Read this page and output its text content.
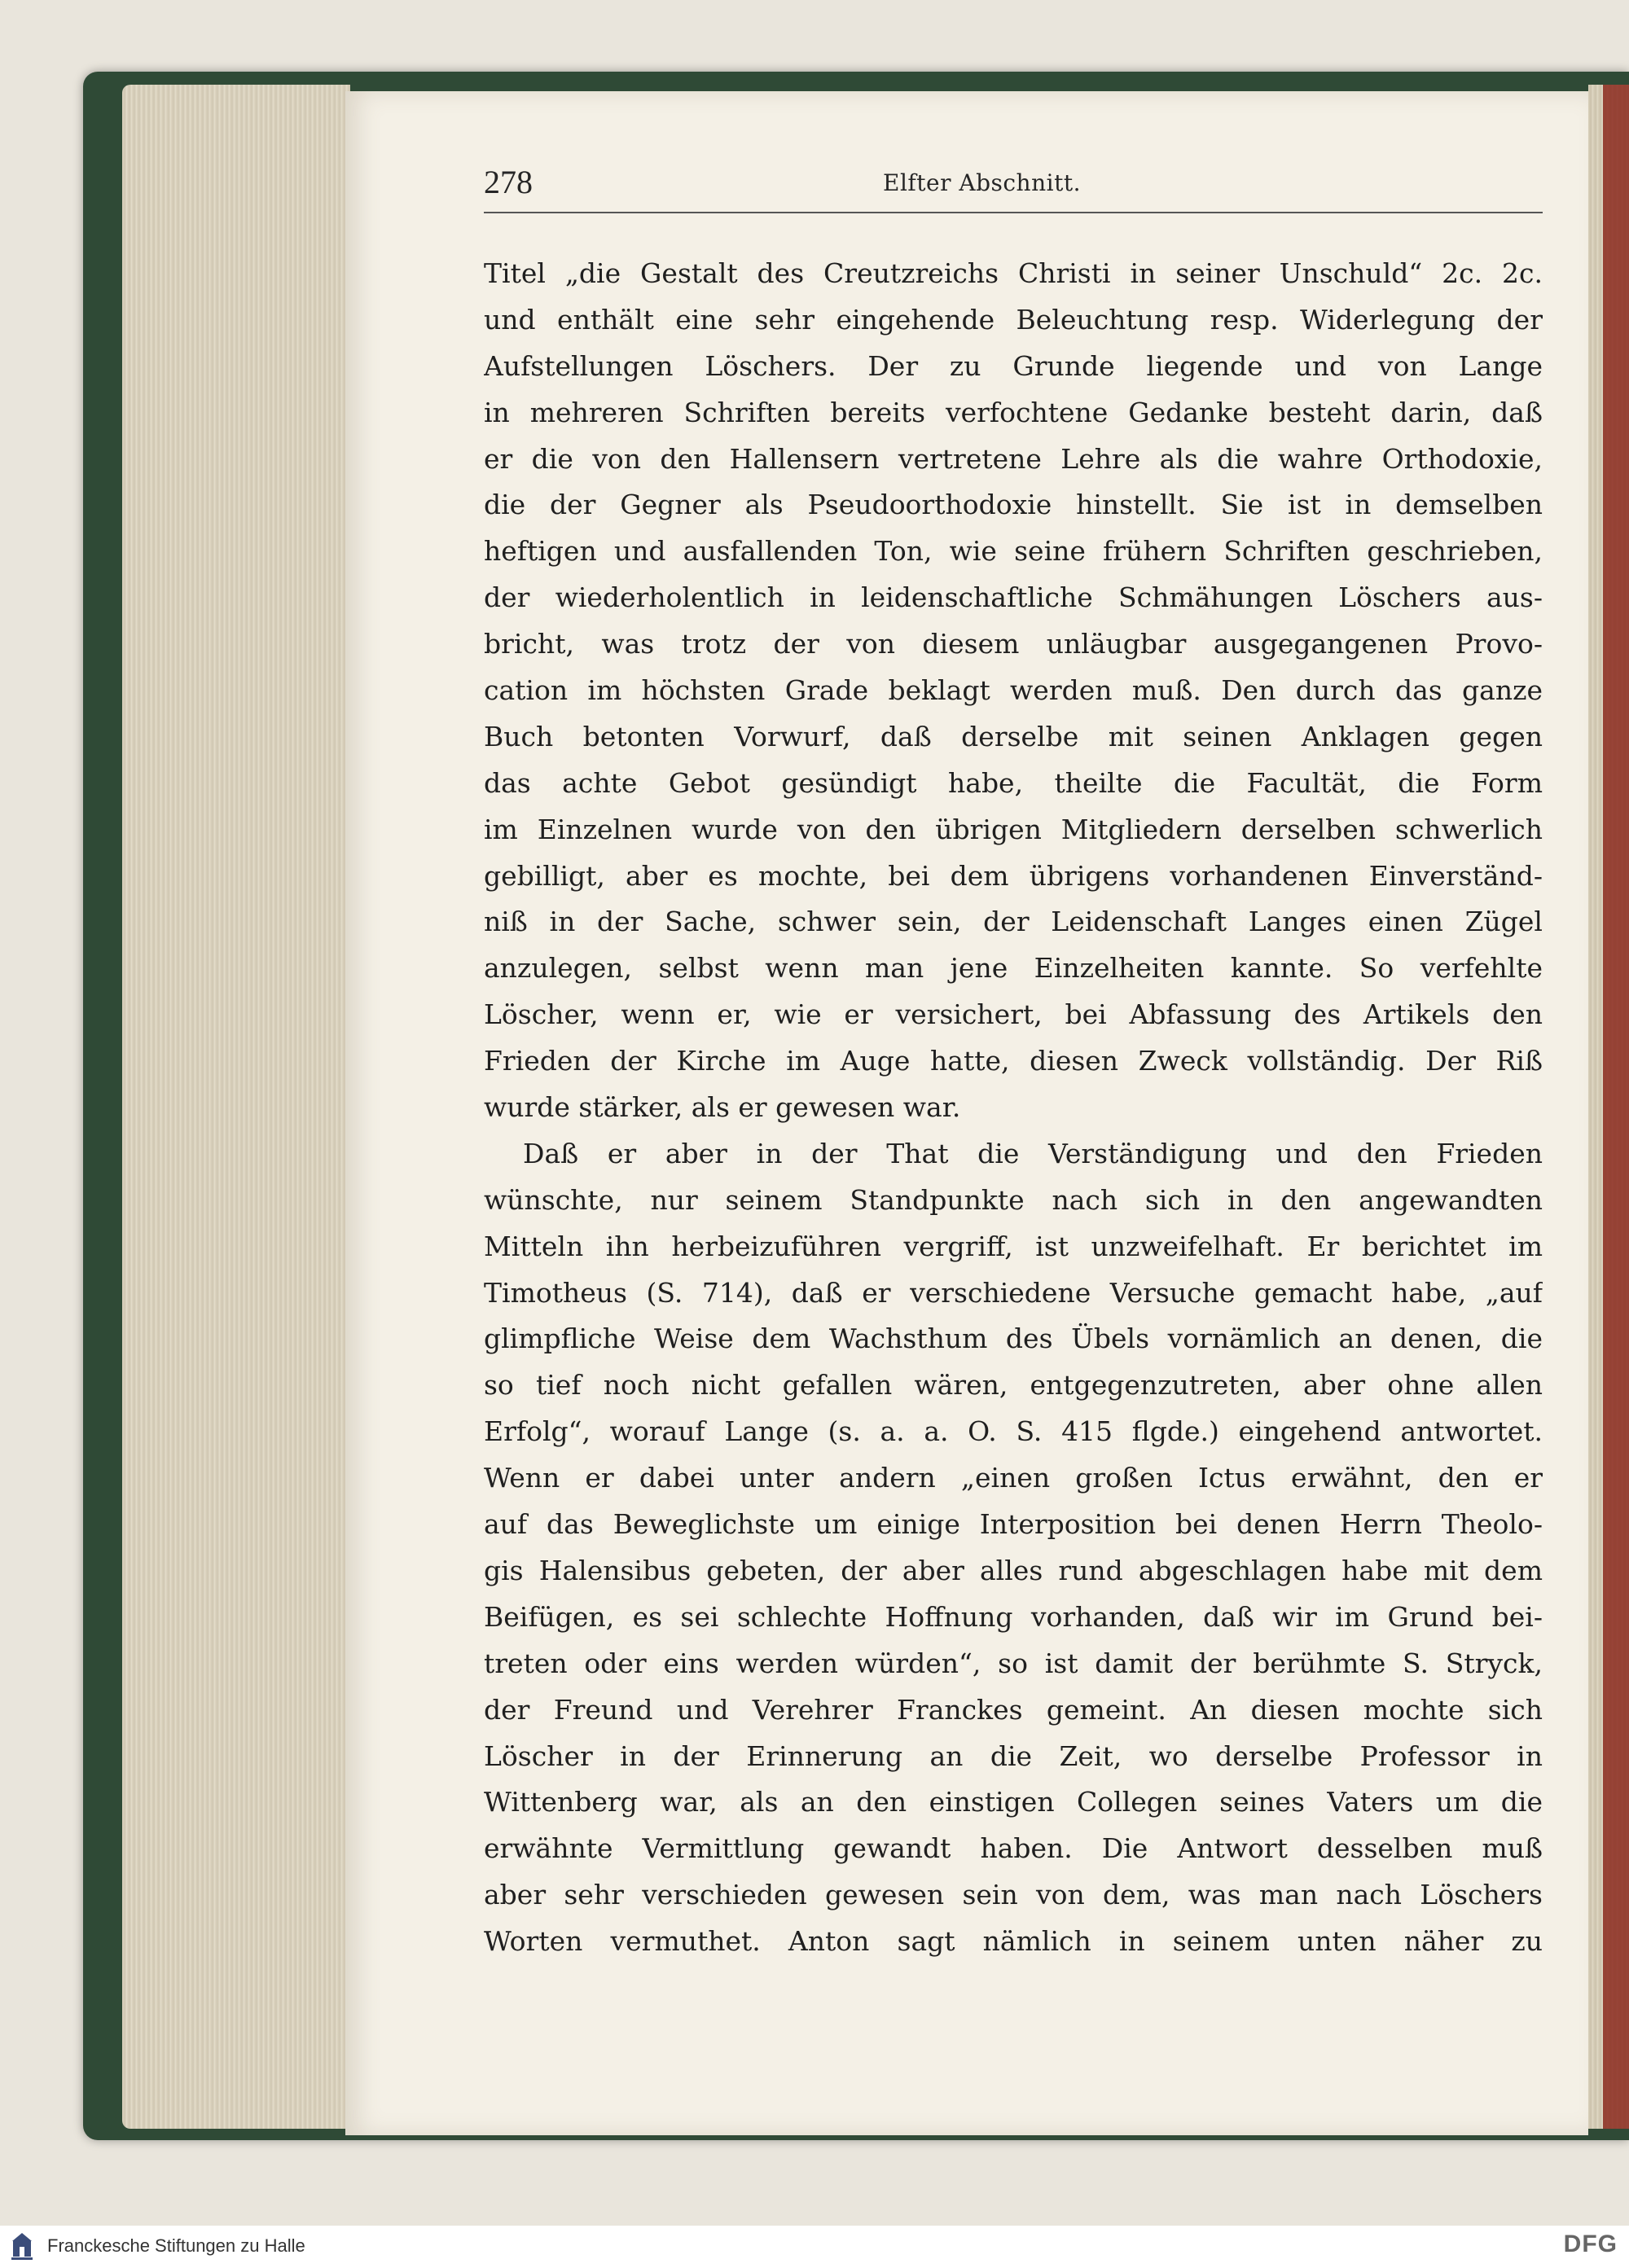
278	Elfter Abschnitt.
Titel „die Gestalt des Creutzreichs Christi in seiner Unschuld“ 2c. 2c.
und enthält eine sehr eingehende Beleuchtung resp. Widerlegung der
Aufstellungen Löschers. Der zu Grunde liegende und von Lange
in mehreren Schriften bereits verfochtene Gedanke besteht darin, daß
er die von den Hallensern vertretene Lehre als die wahre Orthodoxie,
die der Gegner als Pseudoorthodoxie hinstellt. Sie ist in demselben
heftigen und ausfallenden Ton, wie seine frühern Schriften geschrieben,
der wiederholentlich in leidenschaftliche Schmähungen Löschers aus-
bricht, was trotz der von diesem unläugbar ausgegangenen Provo-
cation im höchsten Grade beklagt werden muß. Den durch das ganze
Buch betonten Vorwurf, daß derselbe mit seinen Anklagen gegen
das achte Gebot gesündigt habe, theilte die Facultät, die Form
im Einzelnen wurde von den übrigen Mitgliedern derselben schwerlich
gebilligt, aber es mochte, bei dem übrigens vorhandenen Einverständ-
niß in der Sache, schwer sein, der Leidenschaft Langes einen Zügel
anzulegen, selbst wenn man jene Einzelheiten kannte. So verfehlte
Löscher, wenn er, wie er versichert, bei Abfassung des Artikels den
Frieden der Kirche im Auge hatte, diesen Zweck vollständig. Der Riß
wurde stärker, als er gewesen war.
Daß er aber in der That die Verständigung und den Frieden
wünschte, nur seinem Standpunkte nach sich in den angewandten
Mitteln ihn herbeizuführen vergriff, ist unzweifelhaft. Er berichtet im
Timotheus (S. 714), daß er verschiedene Versuche gemacht habe, „auf
glimpfliche Weise dem Wachsthum des Übels vornämlich an denen, die
so tief noch nicht gefallen wären, entgegenzutreten, aber ohne allen
Erfolg“, worauf Lange (s. a. a. O. S. 415 flgde.) eingehend antwortet.
Wenn er dabei unter andern „einen großen Ictus erwähnt, den er
auf das Beweglichste um einige Interposition bei denen Herrn Theolo-
gis Halensibus gebeten, der aber alles rund abgeschlagen habe mit dem
Beifügen, es sei schlechte Hoffnung vorhanden, daß wir im Grund bei-
treten oder eins werden würden“, so ist damit der berühmte S. Stryck,
der Freund und Verehrer Franckes gemeint. An diesen mochte sich
Löscher in der Erinnerung an die Zeit, wo derselbe Professor in
Wittenberg war, als an den einstigen Collegen seines Vaters um die
erwähnte Vermittlung gewandt haben. Die Antwort desselben muß
aber sehr verschieden gewesen sein von dem, was man nach Löschers
Worten vermuthet. Anton sagt nämlich in seinem unten näher zu
Franckesche Stiftungen zu Halle	DFG
